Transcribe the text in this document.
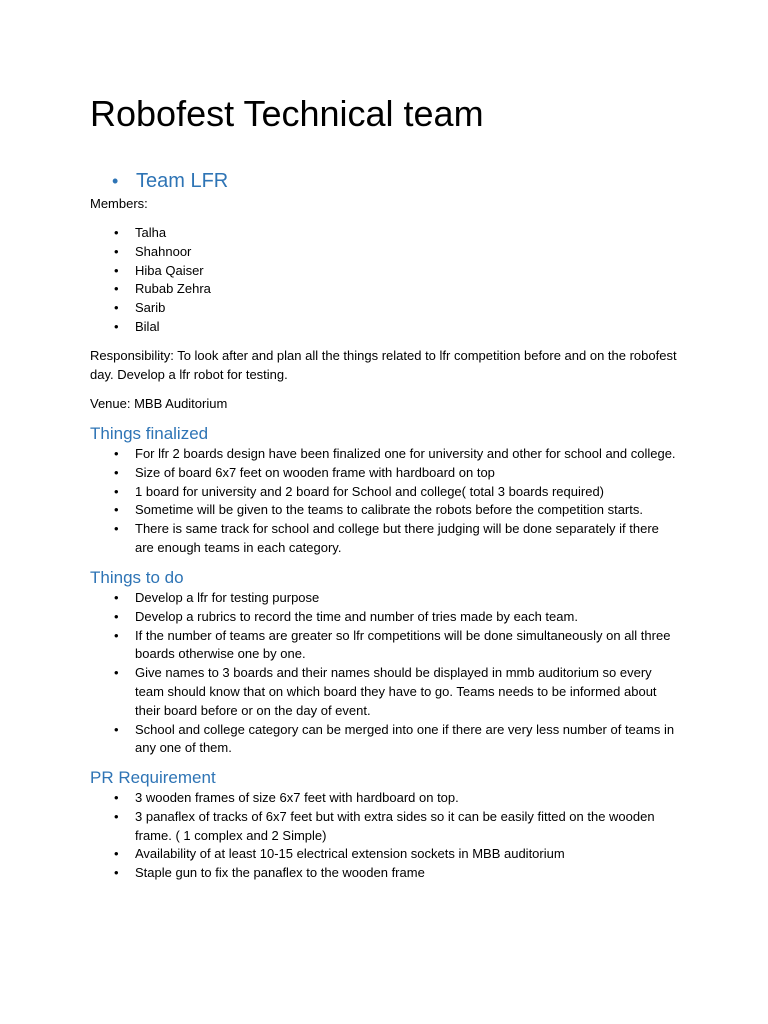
Robofest Technical team
• Team LFR
Members:
• Talha
• Shahnoor
• Hiba Qaiser
• Rubab Zehra
• Sarib
• Bilal
Responsibility: To look after and plan all the things related to lfr competition before and on the robofest day. Develop a lfr robot for testing.
Venue: MBB Auditorium
Things finalized
• For lfr 2 boards design have been finalized one for university and other for school and college.
• Size of board 6x7 feet on wooden frame with hardboard on top
• 1 board for university and 2 board for School and college( total 3 boards required)
• Sometime will be given to the teams to calibrate the robots before the competition starts.
• There is same track for school and college but there judging will be done separately if there are enough teams in each category.
Things to do
• Develop a lfr for testing purpose
• Develop a rubrics to record the time and number of tries made by each team.
• If the number of teams are greater so lfr competitions will be done simultaneously on all three boards otherwise one by one.
• Give names to 3 boards and their names should be displayed in mmb auditorium so every team should know that on which board they have to go. Teams needs to be informed about their board before or on the day of event.
• School and college category can be merged into one if there are very less number of teams in any one of them.
PR Requirement
• 3 wooden frames of size 6x7 feet with hardboard on top.
• 3 panaflex of tracks of 6x7 feet but with extra sides so it can be easily fitted on the wooden frame. ( 1 complex and 2 Simple)
• Availability of at least 10-15 electrical extension sockets in MBB auditorium
• Staple gun to fix the panaflex to the wooden frame
